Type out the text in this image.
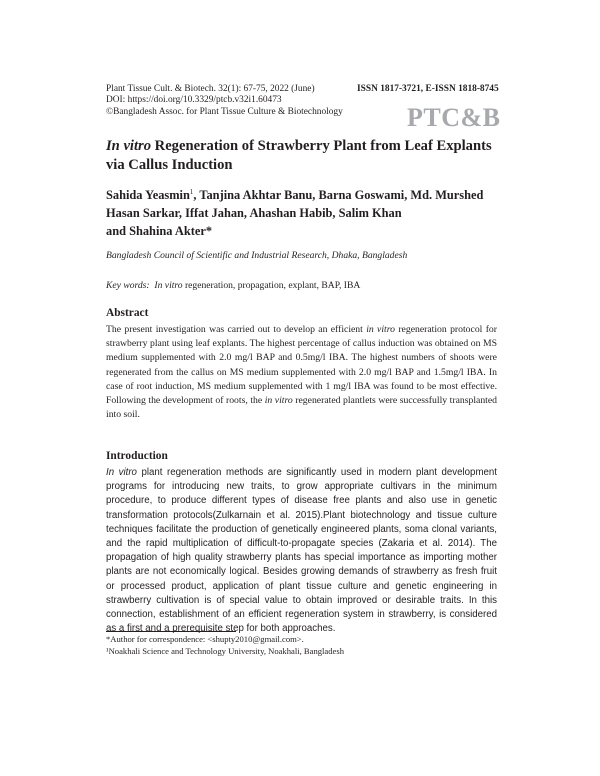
Plant Tissue Cult. & Biotech. 32(1): 67-75, 2022 (June)
DOI: https://doi.org/10.3329/ptcb.v32i1.60473
©Bangladesh Assoc. for Plant Tissue Culture & Biotechnology
ISSN 1817-3721, E-ISSN 1818-8745
PTC&B
In vitro Regeneration of Strawberry Plant from Leaf Explants via Callus Induction
Sahida Yeasmin$^1$, Tanjina Akhtar Banu, Barna Goswami, Md. Murshed
Hasan Sarkar, Iffat Jahan, Ahashan Habib, Salim Khan
and Shahina Akter*
Bangladesh Council of Scientific and Industrial Research, Dhaka, Bangladesh
Key words: In vitro regeneration, propagation, explant, BAP, IBA
Abstract
The present investigation was carried out to develop an efficient in vitro regeneration protocol for strawberry plant using leaf explants. The highest percentage of callus induction was obtained on MS medium supplemented with 2.0 mg/l BAP and 0.5mg/l IBA. The highest numbers of shoots were regenerated from the callus on MS medium supplemented with 2.0 mg/l BAP and 1.5mg/l IBA. In case of root induction, MS medium supplemented with 1 mg/l IBA was found to be most effective. Following the development of roots, the in vitro regenerated plantlets were successfully transplanted into soil.
Introduction
In vitro plant regeneration methods are significantly used in modern plant development programs for introducing new traits, to grow appropriate cultivars in the minimum procedure, to produce different types of disease free plants and also use in genetic transformation protocols(Zulkarnain et al. 2015).Plant biotechnology and tissue culture techniques facilitate the production of genetically engineered plants, soma clonal variants, and the rapid multiplication of difficult-to-propagate species (Zakaria et al. 2014). The propagation of high quality strawberry plants has special importance as importing mother plants are not economically logical. Besides growing demands of strawberry as fresh fruit or processed product, application of plant tissue culture and genetic engineering in strawberry cultivation is of special value to obtain improved or desirable traits. In this connection, establishment of an efficient regeneration system in strawberry, is considered as a first and a prerequisite step for both approaches.
*Author for correspondence: <shupty2010@gmail.com>.
¹Noakhali Science and Technology University, Noakhali, Bangladesh
